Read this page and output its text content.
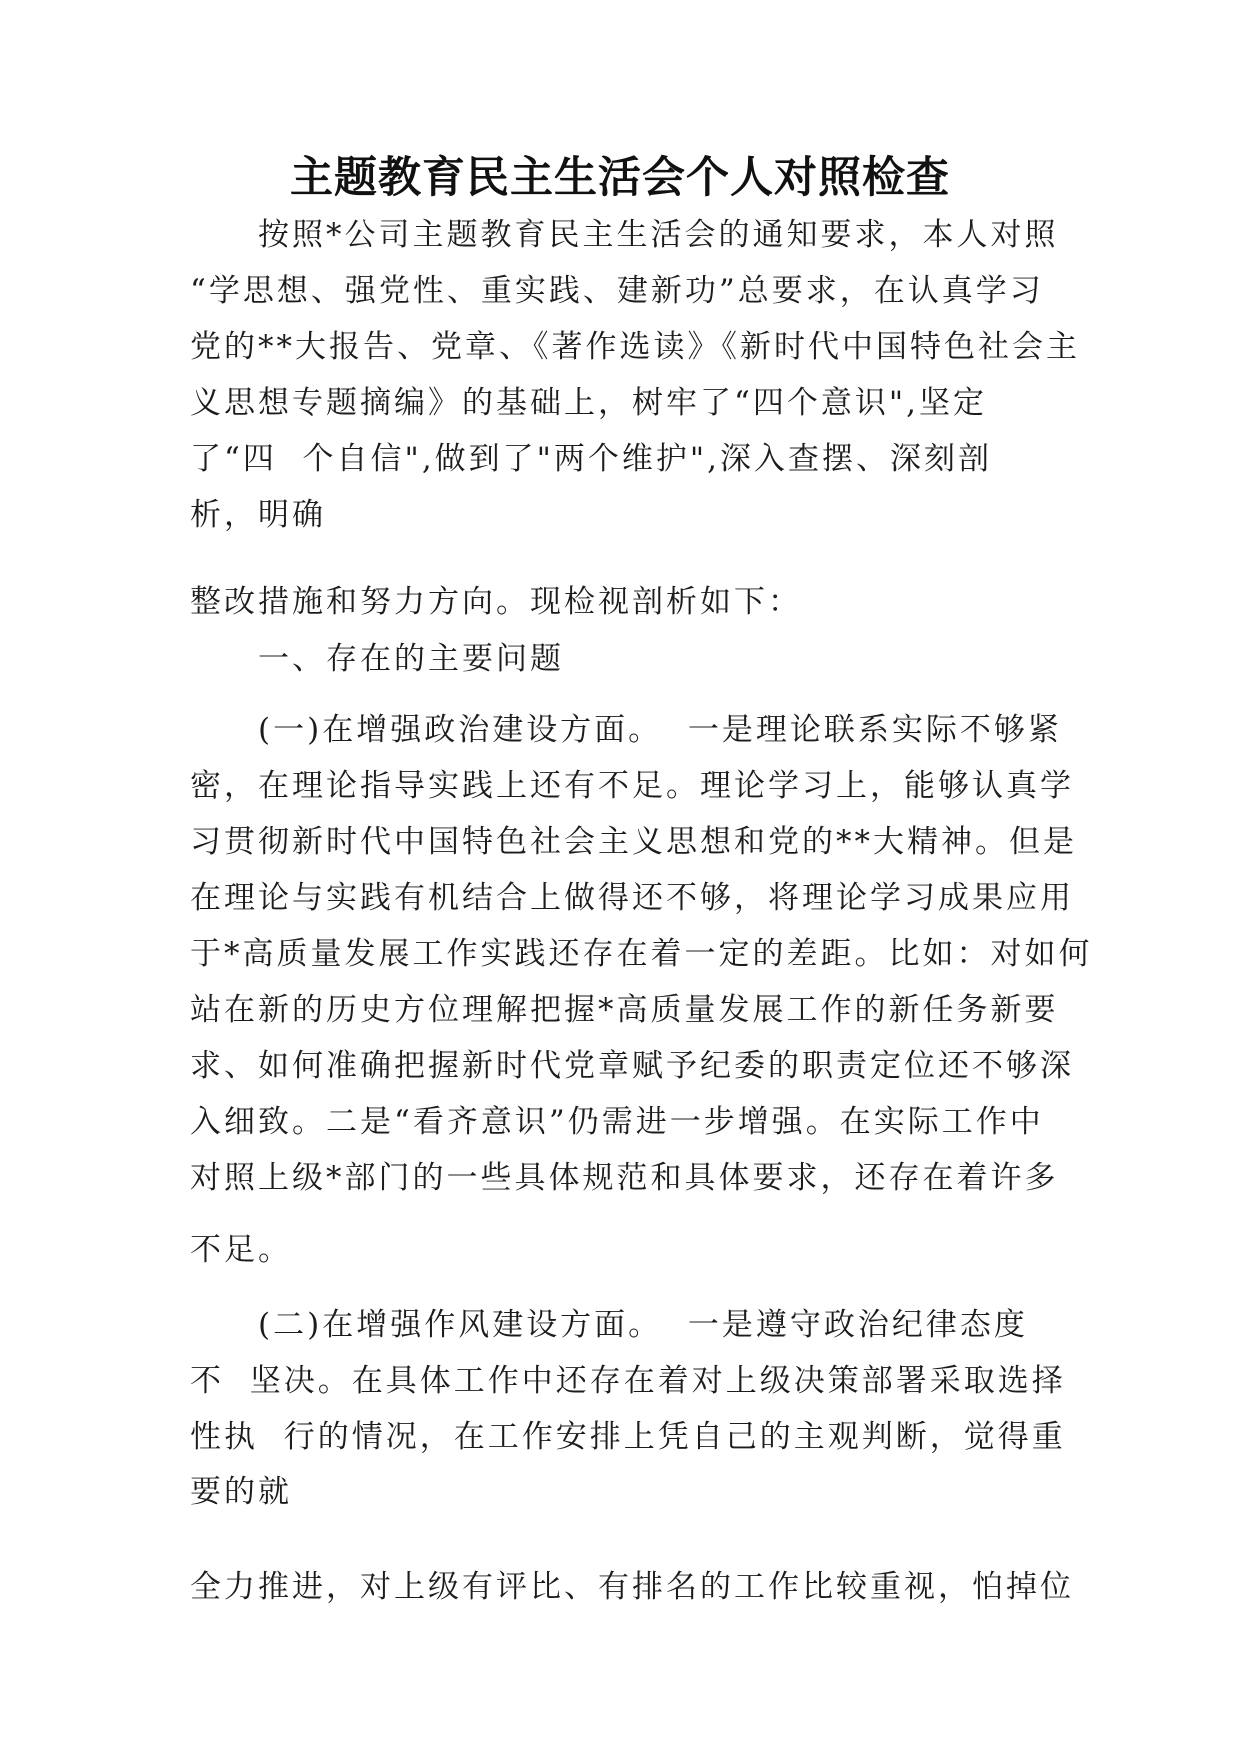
主题教育民主生活会个人对照检查
　　按照*公司主题教育民主生活会的通知要求，本人对照
“学思想、强党性、重实践、建新功”总要求，在认真学习
党的**大报告、党章、《著作选读》《新时代中国特色社会主
义思想专题摘编》的基础上，树牢了“四个意识",坚定
了“四  个自信",做到了"两个维护",深入查摆、深刻剖
析，明确
整改措施和努力方向。现检视剖析如下：
　　一、存在的主要问题
　　(一)在增强政治建设方面。  一是理论联系实际不够紧
密，在理论指导实践上还有不足。理论学习上，能够认真学
习贯彻新时代中国特色社会主义思想和党的**大精神。但是
在理论与实践有机结合上做得还不够，将理论学习成果应用
于*高质量发展工作实践还存在着一定的差距。比如：对如何
站在新的历史方位理解把握*高质量发展工作的新任务新要
求、如何准确把握新时代党章赋予纪委的职责定位还不够深
入细致。二是“看齐意识”仍需进一步增强。在实际工作中
对照上级*部门的一些具体规范和具体要求，还存在着许多
不足。
　　(二)在增强作风建设方面。  一是遵守政治纪律态度
不  坚决。在具体工作中还存在着对上级决策部署采取选择
性执  行的情况，在工作安排上凭自己的主观判断，觉得重
要的就
全力推进，对上级有评比、有排名的工作比较重视，怕掉位
